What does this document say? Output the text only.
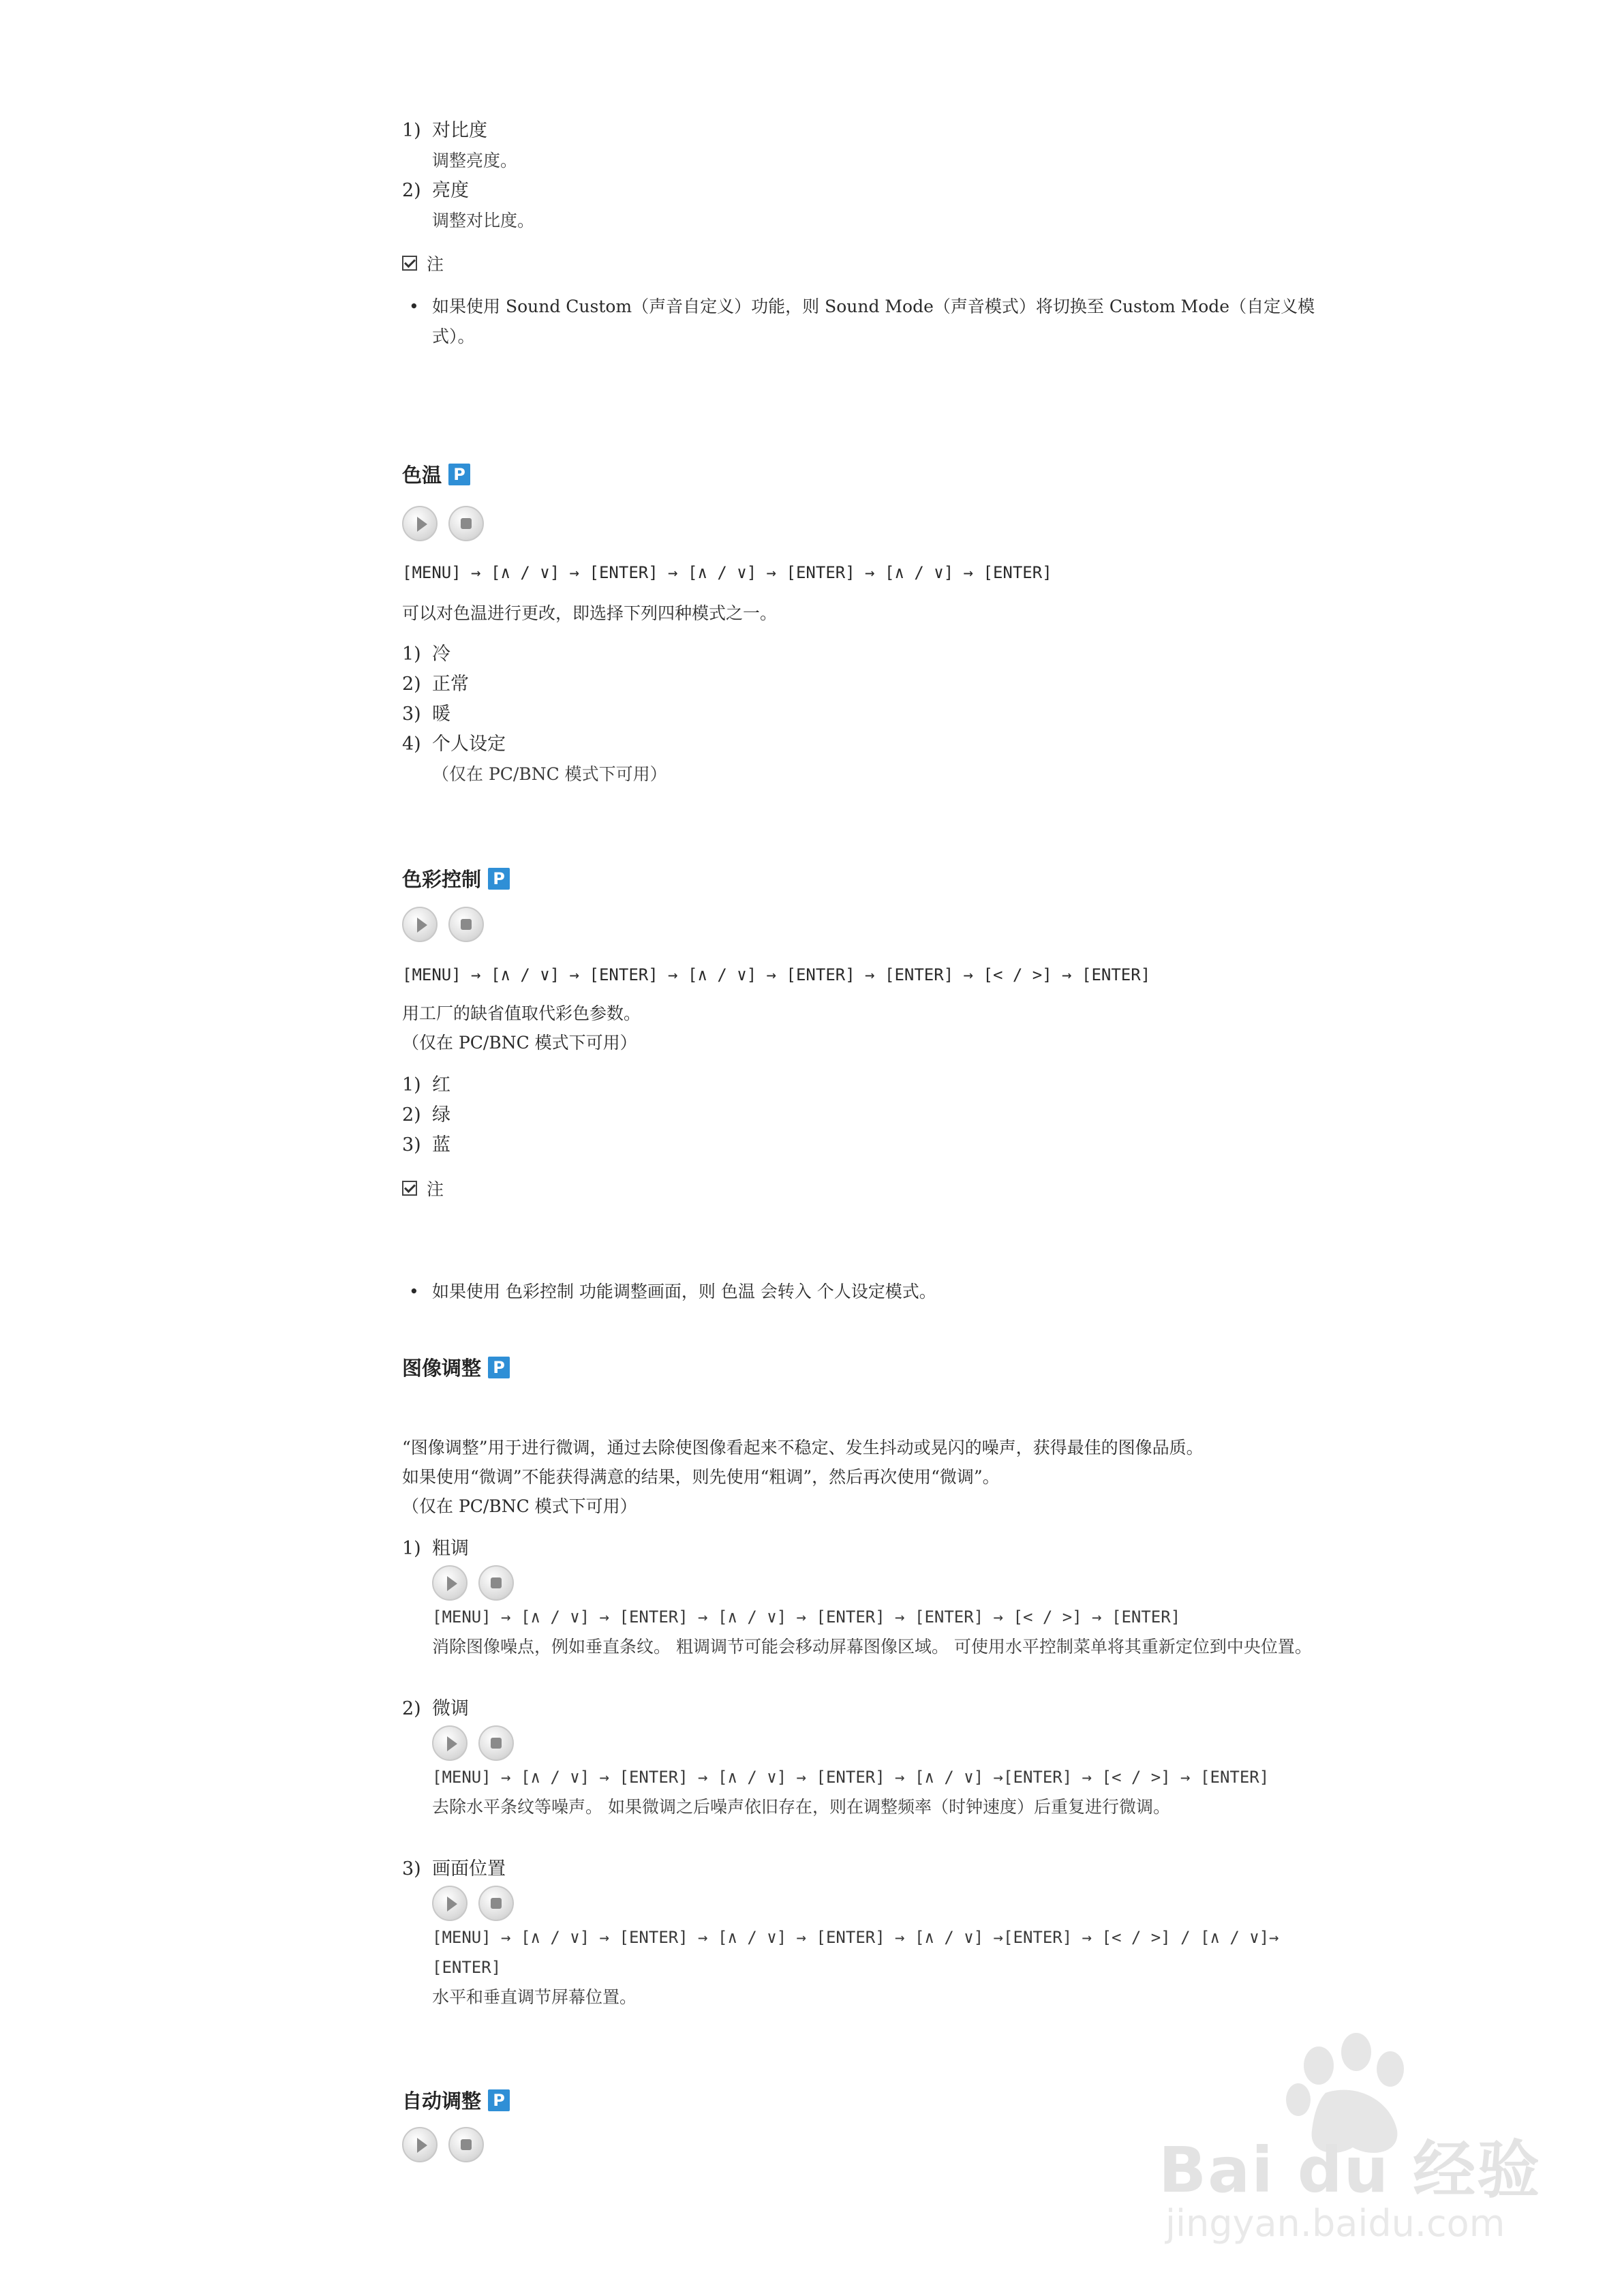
1) 对比度
调整亮度。
2) 亮度
调整对比度。
注
• 如果使用 Sound Custom（声音自定义）功能，则 Sound Mode（声音模式）将切换至 Custom Mode（自定义模式）。
色温 P
[MENU] → [∧ / ∨] → [ENTER] → [∧ / ∨] → [ENTER] → [∧ / ∨] → [ENTER]
可以对色温进行更改，即选择下列四种模式之一。
1) 冷
2) 正常
3) 暖
4) 个人设定
（仅在 PC/BNC 模式下可用）
色彩控制 P
[MENU] → [∧ / ∨] → [ENTER] → [∧ / ∨] → [ENTER] → [ENTER] → [< / >] → [ENTER]
用工厂的缺省值取代彩色参数。
（仅在 PC/BNC 模式下可用）
1) 红
2) 绿
3) 蓝
注
• 如果使用 色彩控制 功能调整画面，则 色温 会转入 个人设定模式。
图像调整 P
“图像调整”用于进行微调，通过去除使图像看起来不稳定、发生抖动或晃闪的噪声，获得最佳的图像品质。
如果使用“微调”不能获得满意的结果，则先使用“粗调”，然后再次使用“微调”。
（仅在 PC/BNC 模式下可用）
1) 粗调
[MENU] → [∧ / ∨] → [ENTER] → [∧ / ∨] → [ENTER] → [ENTER] → [< / >] → [ENTER]
消除图像噪点，例如垂直条纹。 粗调调节可能会移动屏幕图像区域。 可使用水平控制菜单将其重新定位到中央位置。
2) 微调
[MENU] → [∧ / ∨] → [ENTER] → [∧ / ∨] → [ENTER] → [∧ / ∨] →[ENTER] → [< / >] → [ENTER]
去除水平条纹等噪声。 如果微调之后噪声依旧存在，则在调整频率（时钟速度）后重复进行微调。
3) 画面位置
[MENU] → [∧ / ∨] → [ENTER] → [∧ / ∨] → [ENTER] → [∧ / ∨] →[ENTER] → [< / >] / [∧ / ∨]→ [ENTER]
水平和垂直调节屏幕位置。
自动调整 P
Bai du 经验
jingyan.baidu.com
